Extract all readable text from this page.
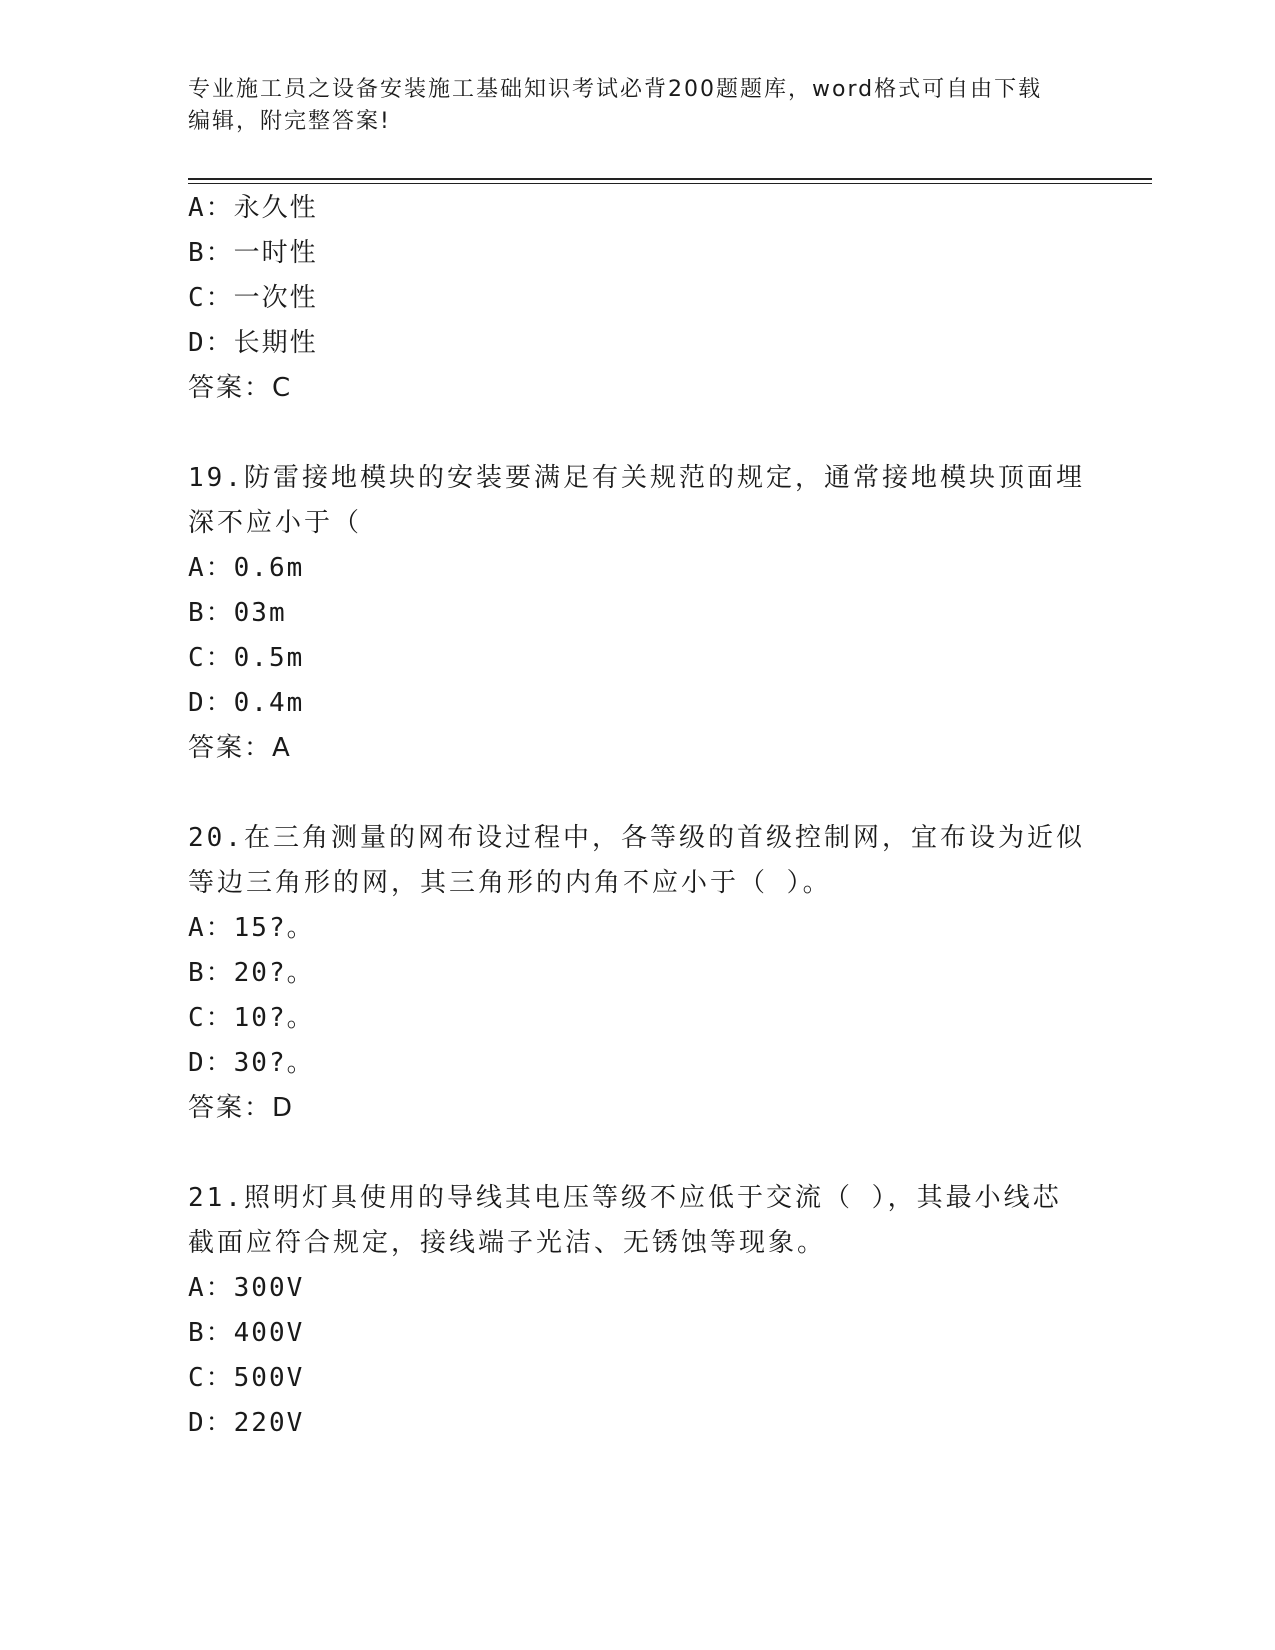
专业施工员之设备安装施工基础知识考试必背200题题库，word格式可自由下载
编辑，附完整答案!
A：永久性
B：一时性
C：一次性
D：长期性
答案：C
19.防雷接地模块的安装要满足有关规范的规定，通常接地模块顶面埋
深不应小于（
A：0.6m
B：03m
C：0.5m
D：0.4m
答案：A
20.在三角测量的网布设过程中，各等级的首级控制网，宜布设为近似
等边三角形的网，其三角形的内角不应小于（ ）。
A：15?。
B：20?。
C：10?。
D：30?。
答案：D
21.照明灯具使用的导线其电压等级不应低于交流（ ），其最小线芯
截面应符合规定，接线端子光洁、无锈蚀等现象。
A：300V
B：400V
C：500V
D：220V
